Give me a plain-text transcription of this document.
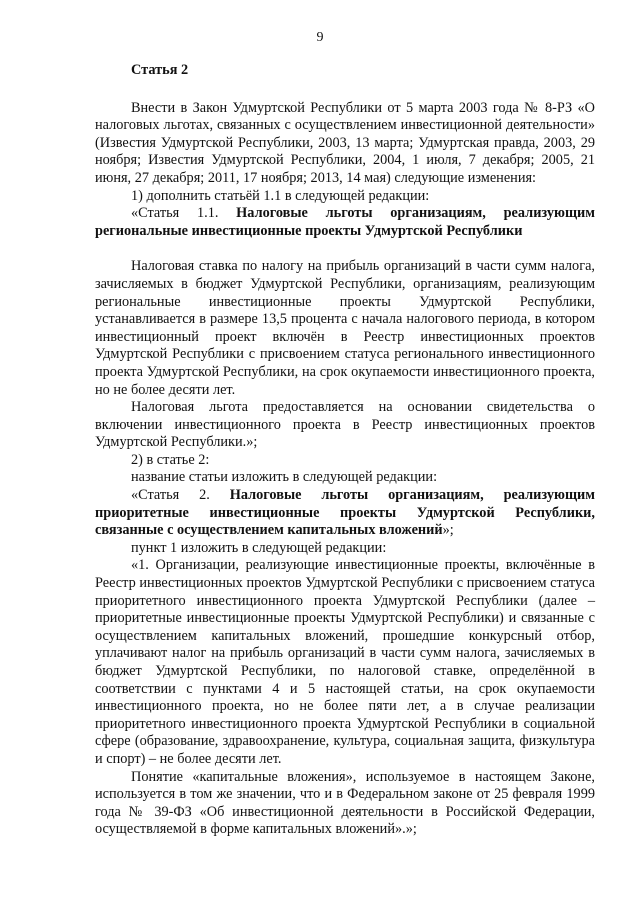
9

Статья 2

Внести в Закон Удмуртской Республики от 5 марта 2003 года № 8-РЗ «О налоговых льготах, связанных с осуществлением инвестиционной деятельности» (Известия Удмуртской Республики, 2003, 13 марта; Удмуртская правда, 2003, 29 ноября; Известия Удмуртской Республики, 2004, 1 июля, 7 декабря; 2005, 21 июня, 27 декабря; 2011, 17 ноября; 2013, 14 мая) следующие изменения:

1) дополнить статьёй 1.1 в следующей редакции:

«Статья 1.1. Налоговые льготы организациям, реализующим региональные инвестиционные проекты Удмуртской Республики

Налоговая ставка по налогу на прибыль организаций в части сумм налога, зачисляемых в бюджет Удмуртской Республики, организациям, реализующим региональные инвестиционные проекты Удмуртской Республики, устанавливается в размере 13,5 процента с начала налогового периода, в котором инвестиционный проект включён в Реестр инвестиционных проектов Удмуртской Республики с присвоением статуса регионального инвестиционного проекта Удмуртской Республики, на срок окупаемости инвестиционного проекта, но не более десяти лет.

Налоговая льгота предоставляется на основании свидетельства о включении инвестиционного проекта в Реестр инвестиционных проектов Удмуртской Республики.»;

2) в статье 2:

название статьи изложить в следующей редакции:

«Статья 2. Налоговые льготы организациям, реализующим приоритетные инвестиционные проекты Удмуртской Республики, связанные с осуществлением капитальных вложений»;

пункт 1 изложить в следующей редакции:

«1. Организации, реализующие инвестиционные проекты, включённые в Реестр инвестиционных проектов Удмуртской Республики с присвоением статуса приоритетного инвестиционного проекта Удмуртской Республики (далее – приоритетные инвестиционные проекты Удмуртской Республики) и связанные с осуществлением капитальных вложений, прошедшие конкурсный отбор, уплачивают налог на прибыль организаций в части сумм налога, зачисляемых в бюджет Удмуртской Республики, по налоговой ставке, определённой в соответствии с пунктами 4 и 5 настоящей статьи, на срок окупаемости инвестиционного проекта, но не более пяти лет, а в случае реализации приоритетного инвестиционного проекта Удмуртской Республики в социальной сфере (образование, здравоохранение, культура, социальная защита, физкультура и спорт) – не более десяти лет.

Понятие «капитальные вложения», используемое в настоящем Законе, используется в том же значении, что и в Федеральном законе от 25 февраля 1999 года № 39-ФЗ «Об инвестиционной деятельности в Российской Федерации, осуществляемой в форме капитальных вложений».»;
